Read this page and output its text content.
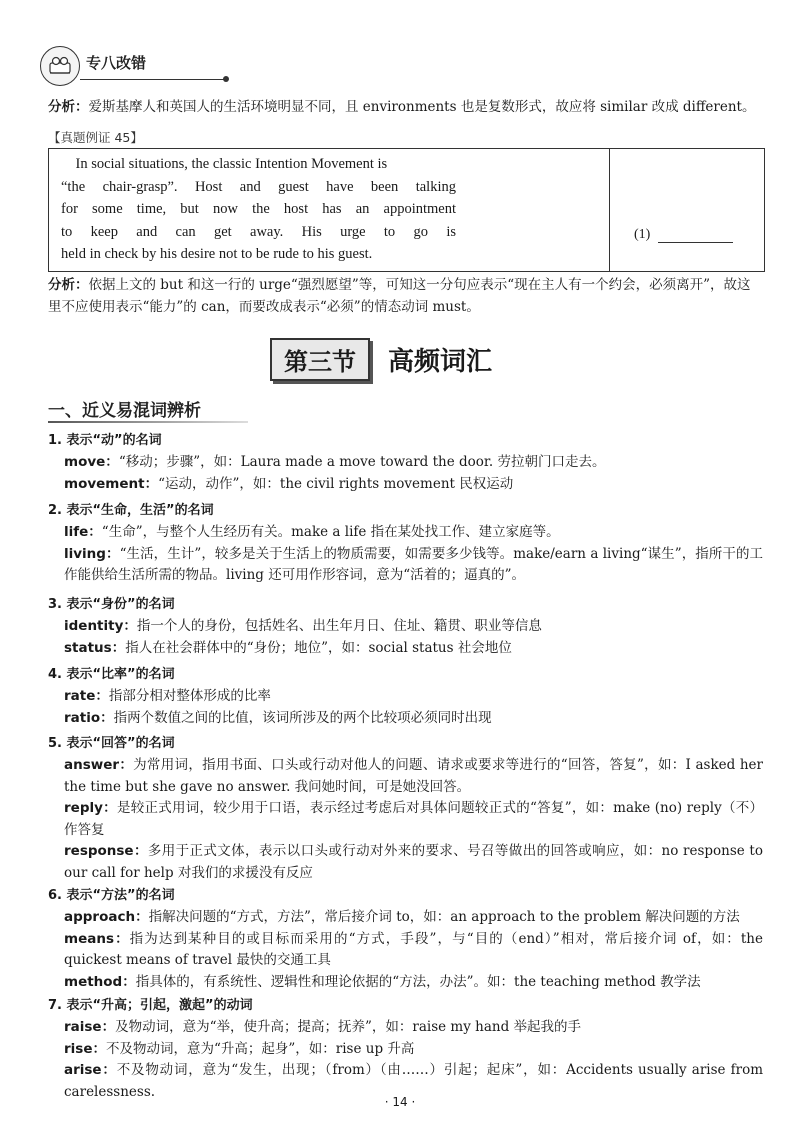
专八改错
分析：爱斯基摩人和英国人的生活环境明显不同，且 environments 也是复数形式，故应将 similar 改成 different。
【真题例证 45】
In social situations, the classic Intention Movement is
“the chair-grasp”. Host and guest have been talking
for some time, but now the host has an appointment
to keep and can get away. His urge to go is
held in check by his desire not to be rude to his guest.
(1)
分析：依据上文的 but 和这一行的 urge“强烈愿望”等，可知这一分句应表示“现在主人有一个约会，必须离开”，故这里不应使用表示“能力”的 can，而要改成表示“必须”的情态动词 must。
第三节	高频词汇
一、近义易混词辨析
1. 表示“动”的名词
move：“移动；步骤”，如：Laura made a move toward the door. 劳拉朝门口走去。
movement：“运动，动作”，如：the civil rights movement 民权运动
2. 表示“生命，生活”的名词
life：“生命”，与整个人生经历有关。make a life 指在某处找工作、建立家庭等。
living：“生活，生计”，较多是关于生活上的物质需要，如需要多少钱等。make/earn a living“谋生”，指所干的工作能供给生活所需的物品。living 还可用作形容词，意为“活着的；逼真的”。
3. 表示“身份”的名词
identity：指一个人的身份，包括姓名、出生年月日、住址、籍贯、职业等信息
status：指人在社会群体中的“身份；地位”，如：social status 社会地位
4. 表示“比率”的名词
rate：指部分相对整体形成的比率
ratio：指两个数值之间的比值，该词所涉及的两个比较项必须同时出现
5. 表示“回答”的名词
answer：为常用词，指用书面、口头或行动对他人的问题、请求或要求等进行的“回答，答复”，如：I asked her the time but she gave no answer. 我问她时间，可是她没回答。
reply：是较正式用词，较少用于口语，表示经过考虑后对具体问题较正式的“答复”，如：make (no) reply（不）作答复
response：多用于正式文体，表示以口头或行动对外来的要求、号召等做出的回答或响应，如：no response to our call for help 对我们的求援没有反应
6. 表示“方法”的名词
approach：指解决问题的“方式，方法”，常后接介词 to，如：an approach to the problem 解决问题的方法
means：指为达到某种目的或目标而采用的“方式，手段”，与“目的（end）”相对，常后接介词 of，如：the quickest means of travel 最快的交通工具
method：指具体的，有系统性、逻辑性和理论依据的“方法，办法”。如：the teaching method 教学法
7. 表示“升高；引起，激起”的动词
raise：及物动词，意为“举，使升高；提高；抚养”，如：raise my hand 举起我的手
rise：不及物动词，意为“升高；起身”，如：rise up 升高
arise：不及物动词，意为“发生，出现；（from）（由……）引起；起床”，如：Accidents usually arise from carelessness.
· 14 ·
